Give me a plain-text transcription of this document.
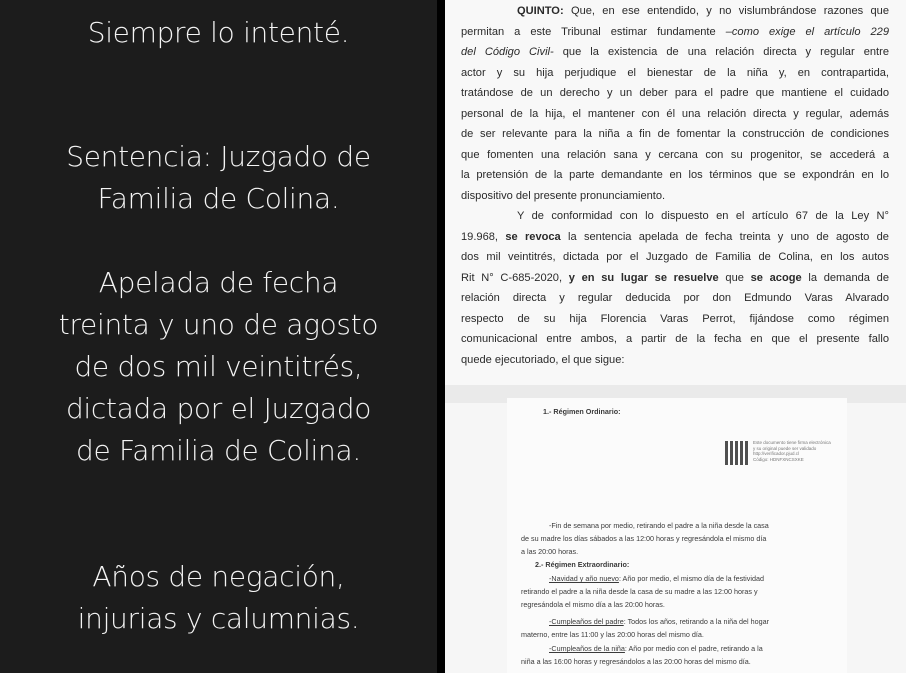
Siempre lo intenté.
Sentencia: Juzgado de
Familia de Colina.
Apelada de fecha
treinta y uno de agosto
de dos mil veintitrés,
dictada por el Juzgado
de Familia de Colina.
Años de negación,
injurias y calumnias.
QUINTO: Que, en ese entendido, y no vislumbrándose razones que
permitan a este Tribunal estimar fundamente –como exige el artículo 229
del Código Civil- que la existencia de una relación directa y regular entre
actor y su hija perjudique el bienestar de la niña y, en contrapartida,
tratándose de un derecho y un deber para el padre que mantiene el cuidado
personal de la hija, el mantener con él una relación directa y regular, además
de ser relevante para la niña a fin de fomentar la construcción de condiciones
que fomenten una relación sana y cercana con su progenitor, se accederá a
la pretensión de la parte demandante en los términos que se expondrán en lo
dispositivo del presente pronunciamiento.
Y de conformidad con lo dispuesto en el artículo 67 de la Ley N°
19.968, se revoca la sentencia apelada de fecha treinta y uno de agosto de
dos mil veintitrés, dictada por el Juzgado de Familia de Colina, en los autos
Rit N° C-685-2020, y en su lugar se resuelve que se acoge la demanda de
relación directa y regular deducida por don Edmundo Varas Alvarado
respecto de su hija Florencia Varas Perrot, fijándose como régimen
comunicacional entre ambos, a partir de la fecha en que el presente fallo
quede ejecutoriado, el que sigue:
1.- Régimen Ordinario:
Este documento tiene firma electrónica
y su original puede ser validado
http://verificador.pjud.cl
Código: HDNFXNCSXKE
-Fin de semana por medio, retirando el padre a la niña desde la casa
de su madre los días sábados a las 12:00 horas y regresándola el mismo día
a las 20:00 horas.
2.- Régimen Extraordinario:
-Navidad y año nuevo: Año por medio, el mismo día de la festividad
retirando el padre a la niña desde la casa de su madre a las 12:00 horas y
regresándola el mismo día a las 20:00 horas.
-Cumpleaños del padre: Todos los años, retirando a la niña del hogar
materno, entre las 11:00 y las 20:00 horas del mismo día.
-Cumpleaños de la niña: Año por medio con el padre, retirando a la
niña a las 16:00 horas y regresándolos a las 20:00 horas del mismo día.
